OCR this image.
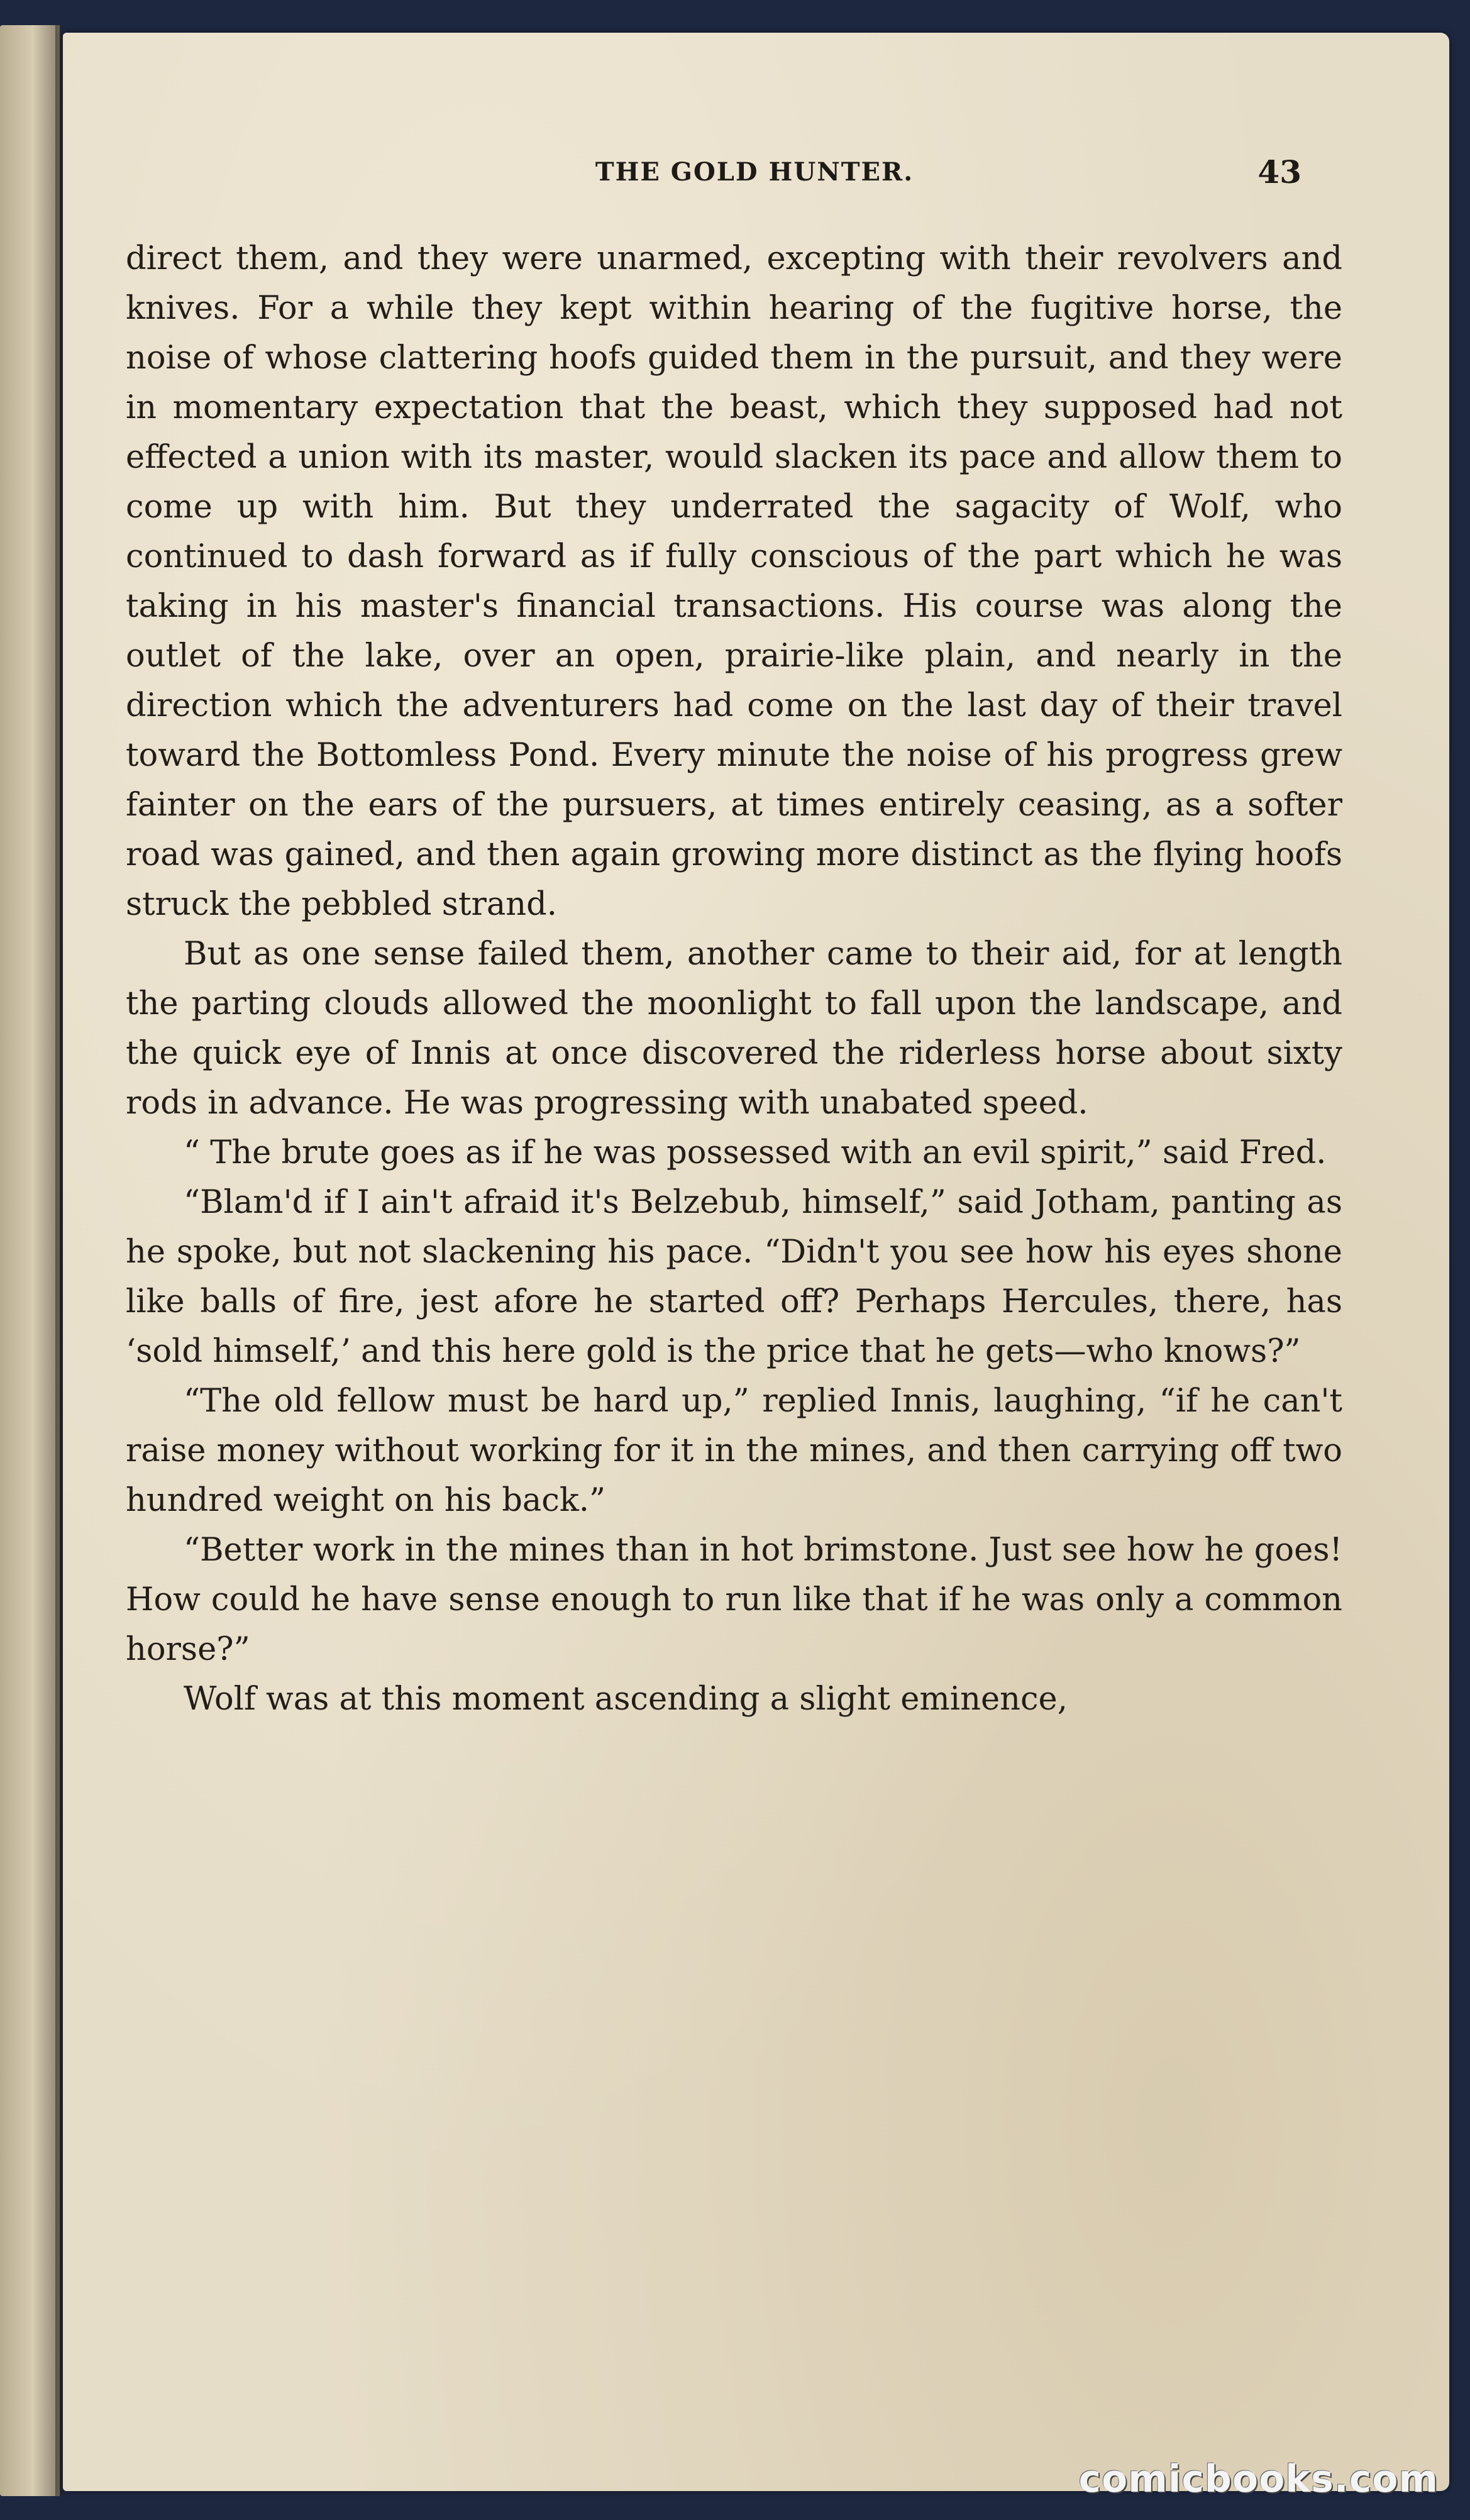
THE GOLD HUNTER.	43

direct them, and they were unarmed, excepting with their revolvers and knives. For a while they kept within hearing of the fugitive horse, the noise of whose clattering hoofs guided them in the pursuit, and they were in momentary expectation that the beast, which they supposed had not effected a union with its master, would slacken its pace and allow them to come up with him. But they underrated the sagacity of Wolf, who continued to dash forward as if fully conscious of the part which he was taking in his master's financial transactions. His course was along the outlet of the lake, over an open, prairie-like plain, and nearly in the direction which the adventurers had come on the last day of their travel toward the Bottomless Pond. Every minute the noise of his progress grew fainter on the ears of the pursuers, at times entirely ceasing, as a softer road was gained, and then again growing more distinct as the flying hoofs struck the pebbled strand.

But as one sense failed them, another came to their aid, for at length the parting clouds allowed the moonlight to fall upon the landscape, and the quick eye of Innis at once discovered the riderless horse about sixty rods in advance. He was progressing with unabated speed.

“ The brute goes as if he was possessed with an evil spirit,” said Fred.

“Blam'd if I ain't afraid it's Belzebub, himself,” said Jotham, panting as he spoke, but not slackening his pace. “Didn't you see how his eyes shone like balls of fire, jest afore he started off? Perhaps Hercules, there, has ‘sold himself,’ and this here gold is the price that he gets—who knows?”

“The old fellow must be hard up,” replied Innis, laughing, “if he can't raise money without working for it in the mines, and then carrying off two hundred weight on his back.”

“Better work in the mines than in hot brimstone. Just see how he goes! How could he have sense enough to run like that if he was only a common horse?”

Wolf was at this moment ascending a slight eminence,

comicbooks.com
